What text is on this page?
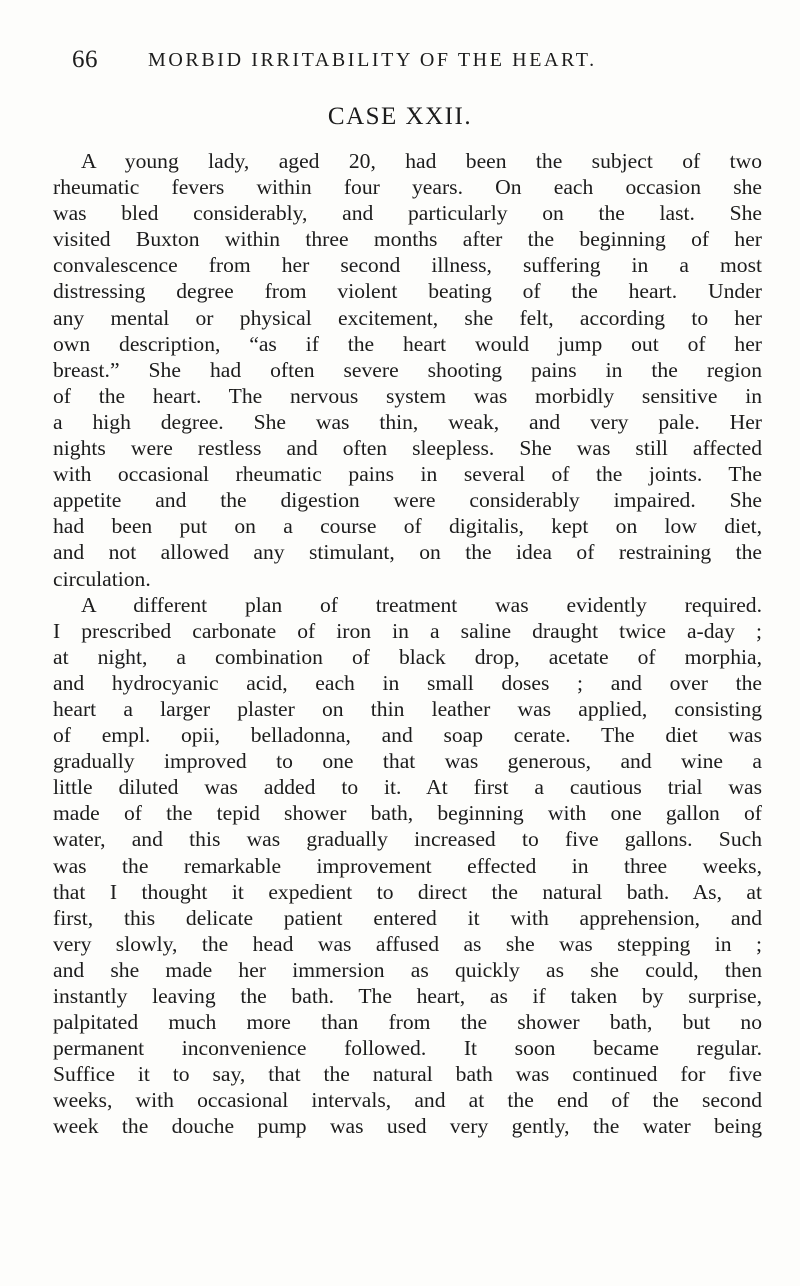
66	MORBID IRRITABILITY OF THE HEART.
CASE XXII.
A young lady, aged 20, had been the subject of two
rheumatic fevers within four years. On each occasion she
was bled considerably, and particularly on the last. She
visited Buxton within three months after the beginning of her
convalescence from her second illness, suffering in a most
distressing degree from violent beating of the heart. Under
any mental or physical excitement, she felt, according to her
own description, “as if the heart would jump out of her
breast.” She had often severe shooting pains in the region
of the heart. The nervous system was morbidly sensitive in
a high degree. She was thin, weak, and very pale. Her
nights were restless and often sleepless. She was still affected
with occasional rheumatic pains in several of the joints. The
appetite and the digestion were considerably impaired. She
had been put on a course of digitalis, kept on low diet,
and not allowed any stimulant, on the idea of restraining the
circulation.
A different plan of treatment was evidently required.
I prescribed carbonate of iron in a saline draught twice a-day ;
at night, a combination of black drop, acetate of morphia,
and hydrocyanic acid, each in small doses ; and over the
heart a larger plaster on thin leather was applied, consisting
of empl. opii, belladonna, and soap cerate. The diet was
gradually improved to one that was generous, and wine a
little diluted was added to it. At first a cautious trial was
made of the tepid shower bath, beginning with one gallon of
water, and this was gradually increased to five gallons. Such
was the remarkable improvement effected in three weeks,
that I thought it expedient to direct the natural bath. As, at
first, this delicate patient entered it with apprehension, and
very slowly, the head was affused as she was stepping in ;
and she made her immersion as quickly as she could, then
instantly leaving the bath. The heart, as if taken by surprise,
palpitated much more than from the shower bath, but no
permanent inconvenience followed. It soon became regular.
Suffice it to say, that the natural bath was continued for five
weeks, with occasional intervals, and at the end of the second
week the douche pump was used very gently, the water being
